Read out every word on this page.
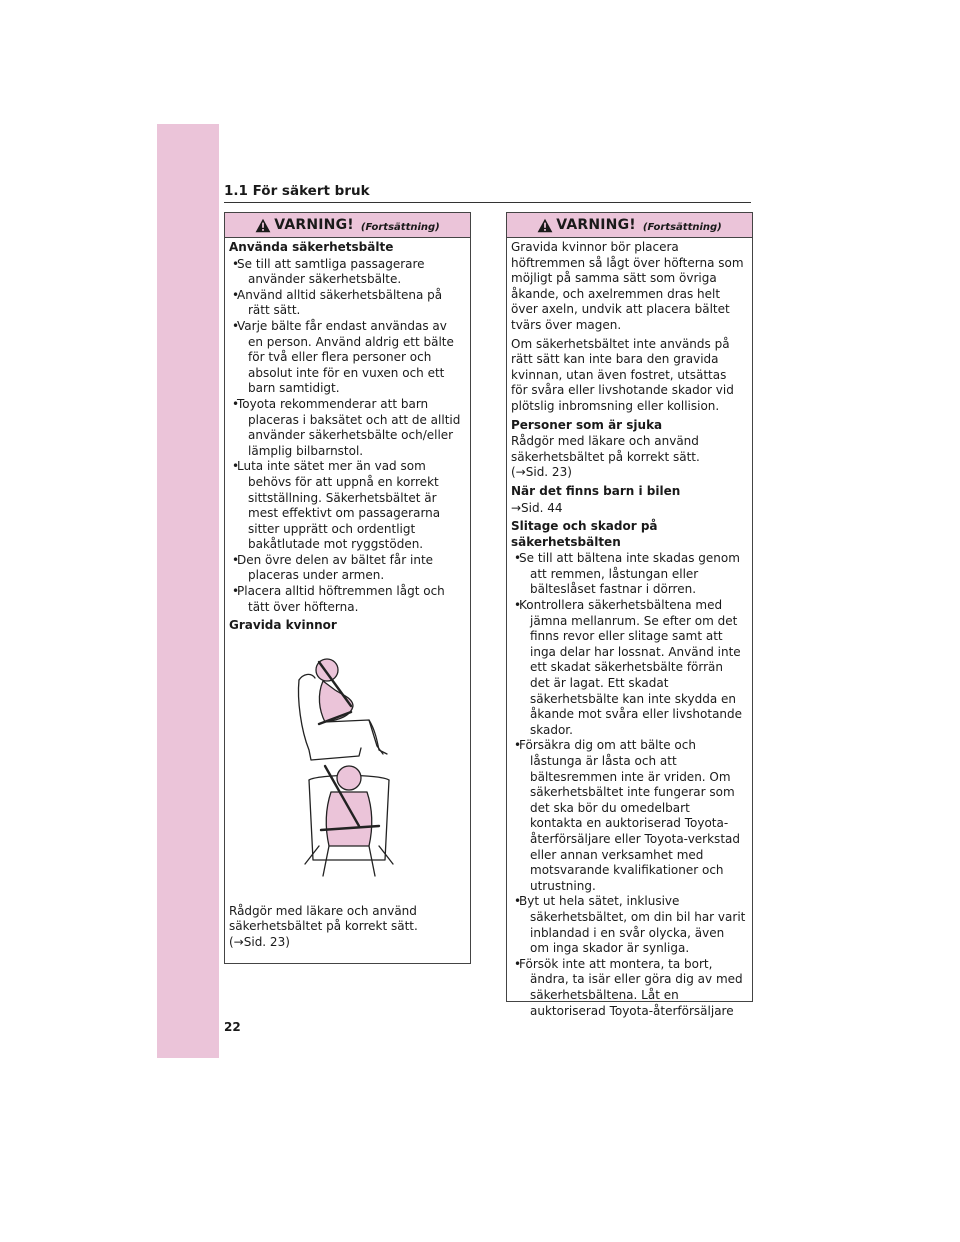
1.1 För säkert bruk
VARNING! (Fortsättning)

Använda säkerhetsbälte

• Se till att samtliga passagerare använder säkerhetsbälte.
• Använd alltid säkerhetsbältena på rätt sätt.
• Varje bälte får endast användas av en person. Använd aldrig ett bälte för två eller flera personer och absolut inte för en vuxen och ett barn samtidigt.
• Toyota rekommenderar att barn placeras i baksätet och att de alltid använder säkerhetsbälte och/eller lämplig bilbarnstol.
• Luta inte sätet mer än vad som behövs för att uppnå en korrekt sittställning. Säkerhetsbältet är mest effektivt om passagerarna sitter upprätt och ordentligt bakåtlutade mot ryggstöden.
• Den övre delen av bältet får inte placeras under armen.
• Placera alltid höftremmen lågt och tätt över höfterna.

Gravida kvinnor

Rådgör med läkare och använd säkerhetsbältet på korrekt sätt.
(→Sid. 23)

VARNING! (Fortsättning)

Gravida kvinnor bör placera höftremmen så lågt över höfterna som möjligt på samma sätt som övriga åkande, och axelremmen dras helt över axeln, undvik att placera bältet tvärs över magen.

Om säkerhetsbältet inte används på rätt sätt kan inte bara den gravida kvinnan, utan även fostret, utsättas för svåra eller livshotande skador vid plötslig inbromsning eller kollision.

Personer som är sjuka

Rådgör med läkare och använd säkerhetsbältet på korrekt sätt.
(→Sid. 23)

När det finns barn i bilen

→Sid. 44

Slitage och skador på säkerhetsbälten

• Se till att bältena inte skadas genom att remmen, låstungan eller bälteslåset fastnar i dörren.
• Kontrollera säkerhetsbältena med jämna mellanrum. Se efter om det finns revor eller slitage samt att inga delar har lossnat. Använd inte ett skadat säkerhetsbälte förrän det är lagat. Ett skadat säkerhetsbälte kan inte skydda en åkande mot svåra eller livshotande skador.
• Försäkra dig om att bälte och låstunga är låsta och att bältesremmen inte är vriden. Om säkerhetsbältet inte fungerar som det ska bör du omedelbart kontakta en auktoriserad Toyota-återförsäljare eller Toyota-verkstad eller annan verksamhet med motsvarande kvalifikationer och utrustning.
• Byt ut hela sätet, inklusive säkerhetsbältet, om din bil har varit inblandad i en svår olycka, även om inga skador är synliga.
• Försök inte att montera, ta bort, ändra, ta isär eller göra dig av med säkerhetsbältena. Låt en auktoriserad Toyota-återförsäljare
22
